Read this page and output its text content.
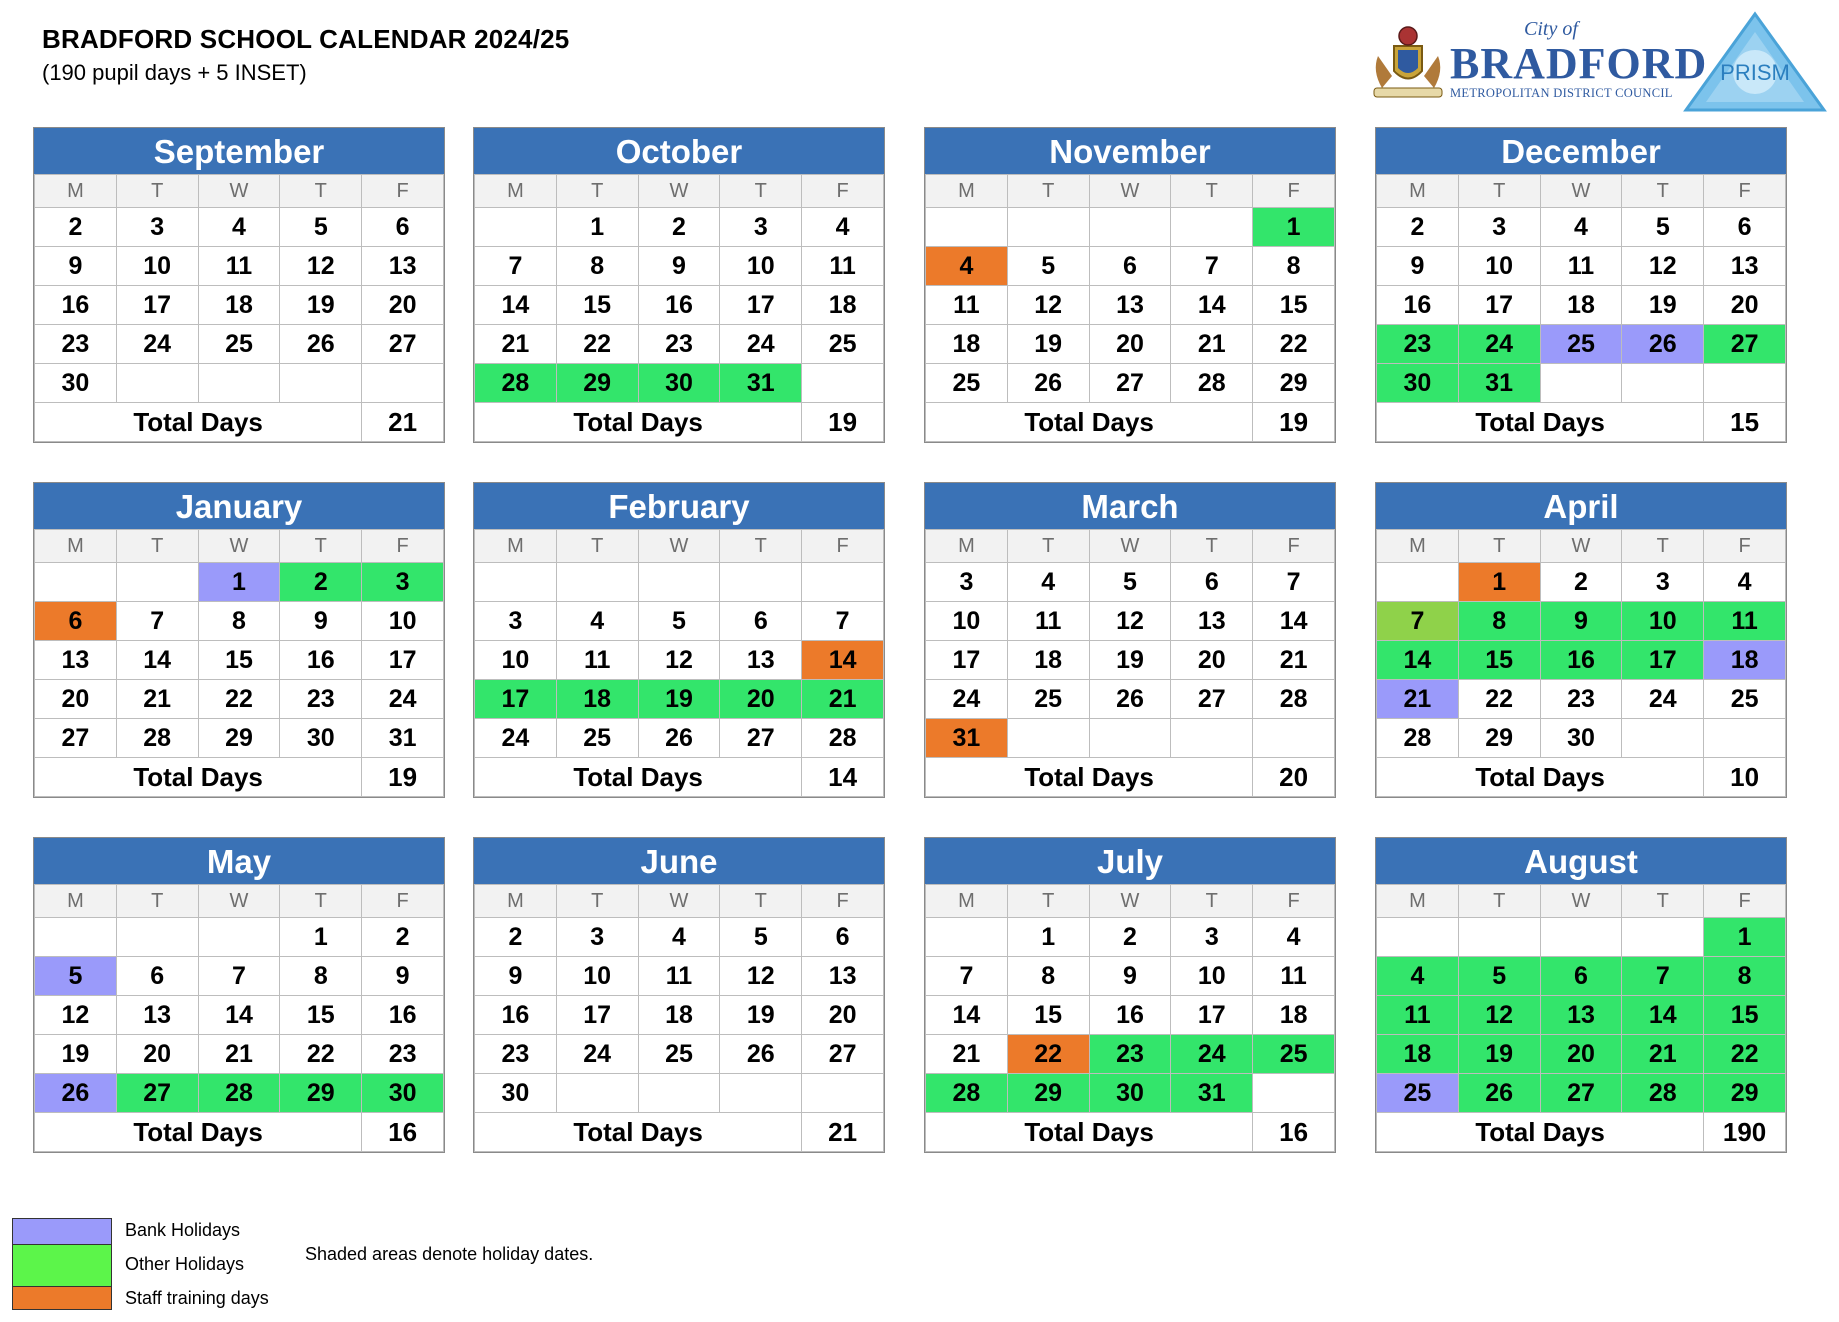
BRADFORD SCHOOL CALENDAR 2024/25
(190 pupil days + 5 INSET)
City of
BRADFORD
METROPOLITAN DISTRICT COUNCIL
PRISM
September
M	T	W	T	F
2	3	4	5	6
9	10	11	12	13
16	17	18	19	20
23	24	25	26	27
30				
Total Days				21
October
M	T	W	T	F
	1	2	3	4
7	8	9	10	11
14	15	16	17	18
21	22	23	24	25
28	29	30	31	
Total Days				19
November
M	T	W	T	F
				1
4	5	6	7	8
11	12	13	14	15
18	19	20	21	22
25	26	27	28	29
Total Days				19
December
M	T	W	T	F
2	3	4	5	6
9	10	11	12	13
16	17	18	19	20
23	24	25	26	27
30	31			
Total Days				15
January
M	T	W	T	F
		1	2	3
6	7	8	9	10
13	14	15	16	17
20	21	22	23	24
27	28	29	30	31
Total Days				19
February
M	T	W	T	F

3	4	5	6	7
10	11	12	13	14
17	18	19	20	21
24	25	26	27	28
Total Days				14
March
M	T	W	T	F
3	4	5	6	7
10	11	12	13	14
17	18	19	20	21
24	25	26	27	28
31				
Total Days				20
April
M	T	W	T	F
	1	2	3	4
7	8	9	10	11
14	15	16	17	18
21	22	23	24	25
28	29	30		
Total Days				10
May
M	T	W	T	F
			1	2
5	6	7	8	9
12	13	14	15	16
19	20	21	22	23
26	27	28	29	30
Total Days				16
June
M	T	W	T	F
2	3	4	5	6
9	10	11	12	13
16	17	18	19	20
23	24	25	26	27
30				
Total Days				21
July
M	T	W	T	F
	1	2	3	4
7	8	9	10	11
14	15	16	17	18
21	22	23	24	25
28	29	30	31	
Total Days				16
August
M	T	W	T	F
				1
4	5	6	7	8
11	12	13	14	15
18	19	20	21	22
25	26	27	28	29
Total Days				190
Bank Holidays
Other Holidays
Staff training days
Shaded areas denote holiday dates.
